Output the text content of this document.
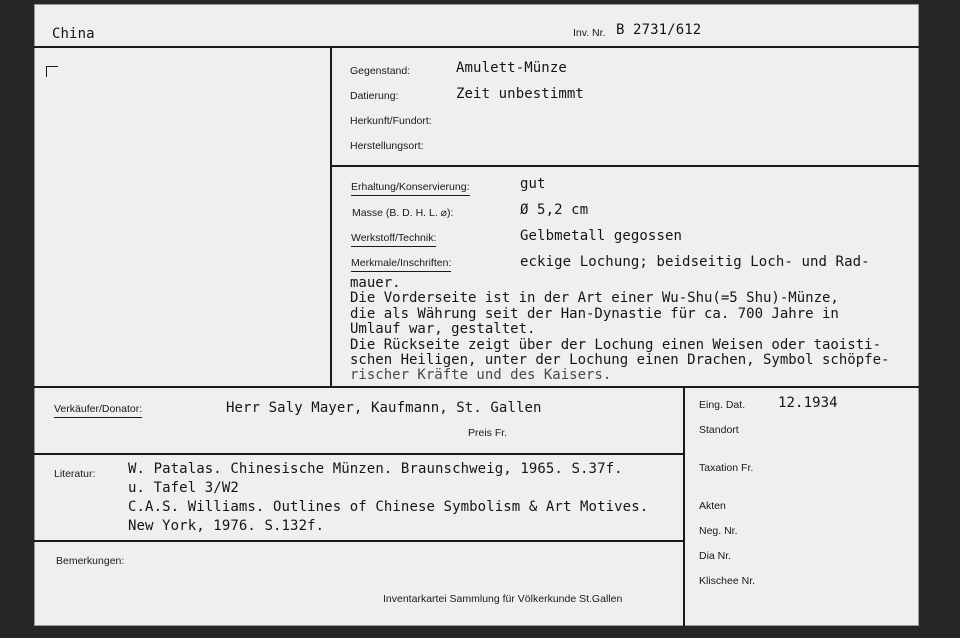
China	Inv. Nr. B 2731/612
Gegenstand:	Amulett-Münze
Datierung:	Zeit unbestimmt
Herkunft/Fundort:
Herstellungsort:
Erhaltung/Konservierung:	gut
Masse (B. D. H. L. ⌀):	Ø 5,2 cm
Werkstoff/Technik:	Gelbmetall gegossen
Merkmale/Inschriften:	eckige Lochung; beidseitig Loch- und Rad-
mauer.
Die Vorderseite ist in der Art einer Wu-Shu(=5 Shu)-Münze,
die als Währung seit der Han-Dynastie für ca. 700 Jahre in
Umlauf war, gestaltet.
Die Rückseite zeigt über der Lochung einen Weisen oder taoisti-
schen Heiligen, unter der Lochung einen Drachen, Symbol schöpfe-
rischer Kräfte und des Kaisers.
Verkäufer/Donator:	Herr Saly Mayer, Kaufmann, St. Gallen
Preis Fr.
Literatur: W. Patalas. Chinesische Münzen. Braunschweig, 1965. S.37f.
u. Tafel 3/W2
C.A.S. Williams. Outlines of Chinese Symbolism & Art Motives.
New York, 1976. S.132f.
Bemerkungen:
Inventarkartei Sammlung für Völkerkunde St.Gallen
Eing. Dat. 12.1934
Standort
Taxation Fr.
Akten
Neg. Nr.
Dia Nr.
Klischee Nr.
